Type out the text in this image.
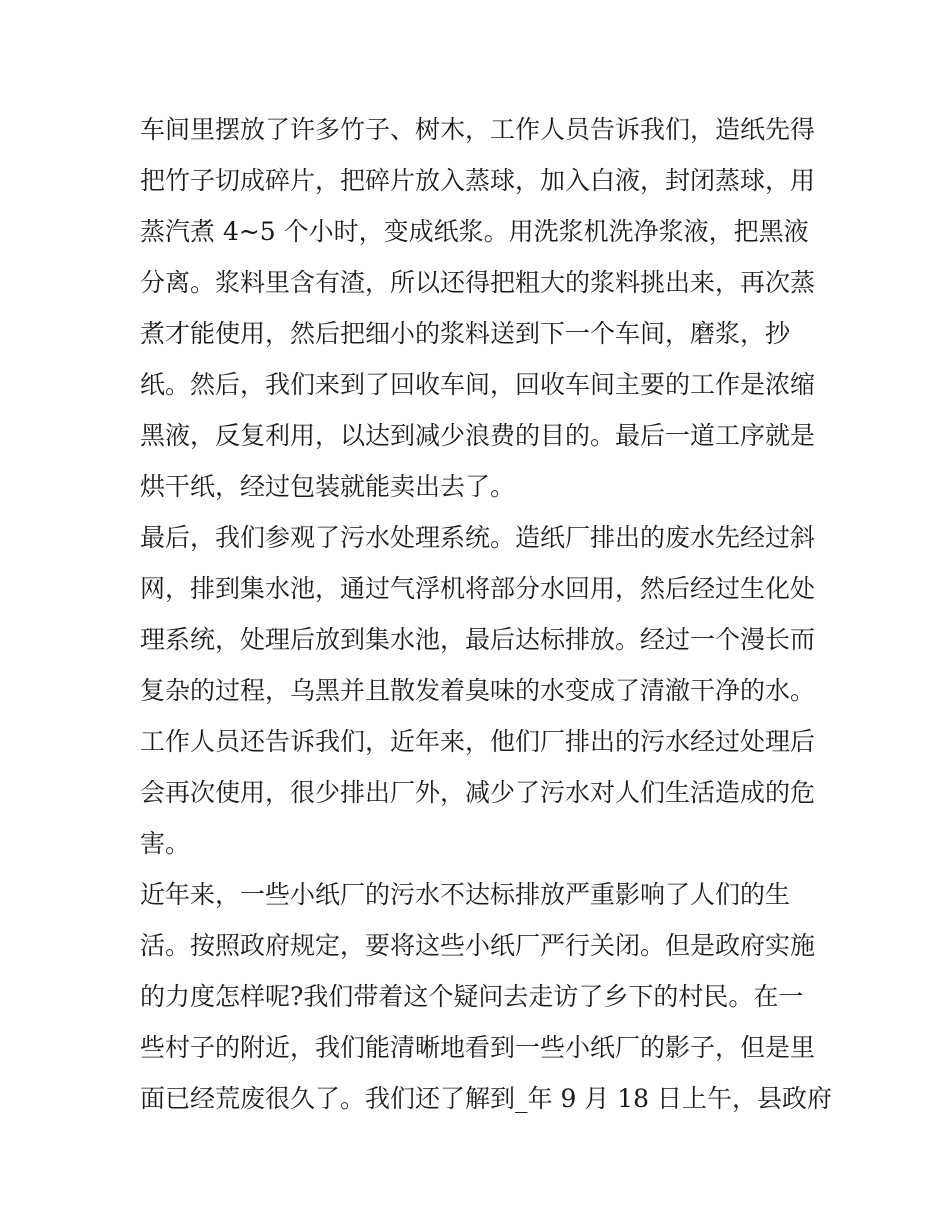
车间里摆放了许多竹子、树木，工作人员告诉我们，造纸先得
把竹子切成碎片，把碎片放入蒸球，加入白液，封闭蒸球，用
蒸汽煮 4~5 个小时，变成纸浆。用洗浆机洗净浆液，把黑液
分离。浆料里含有渣，所以还得把粗大的浆料挑出来，再次蒸
煮才能使用，然后把细小的浆料送到下一个车间，磨浆，抄
纸。然后，我们来到了回收车间，回收车间主要的工作是浓缩
黑液，反复利用，以达到减少浪费的目的。最后一道工序就是
烘干纸，经过包装就能卖出去了。
最后，我们参观了污水处理系统。造纸厂排出的废水先经过斜
网，排到集水池，通过气浮机将部分水回用，然后经过生化处
理系统，处理后放到集水池，最后达标排放。经过一个漫长而
复杂的过程，乌黑并且散发着臭味的水变成了清澈干净的水。
工作人员还告诉我们，近年来，他们厂排出的污水经过处理后
会再次使用，很少排出厂外，减少了污水对人们生活造成的危
害。
近年来，一些小纸厂的污水不达标排放严重影响了人们的生
活。按照政府规定，要将这些小纸厂严行关闭。但是政府实施
的力度怎样呢?我们带着这个疑问去走访了乡下的村民。在一
些村子的附近，我们能清晰地看到一些小纸厂的影子，但是里
面已经荒废很久了。我们还了解到_年 9 月 18 日上午，县政府
